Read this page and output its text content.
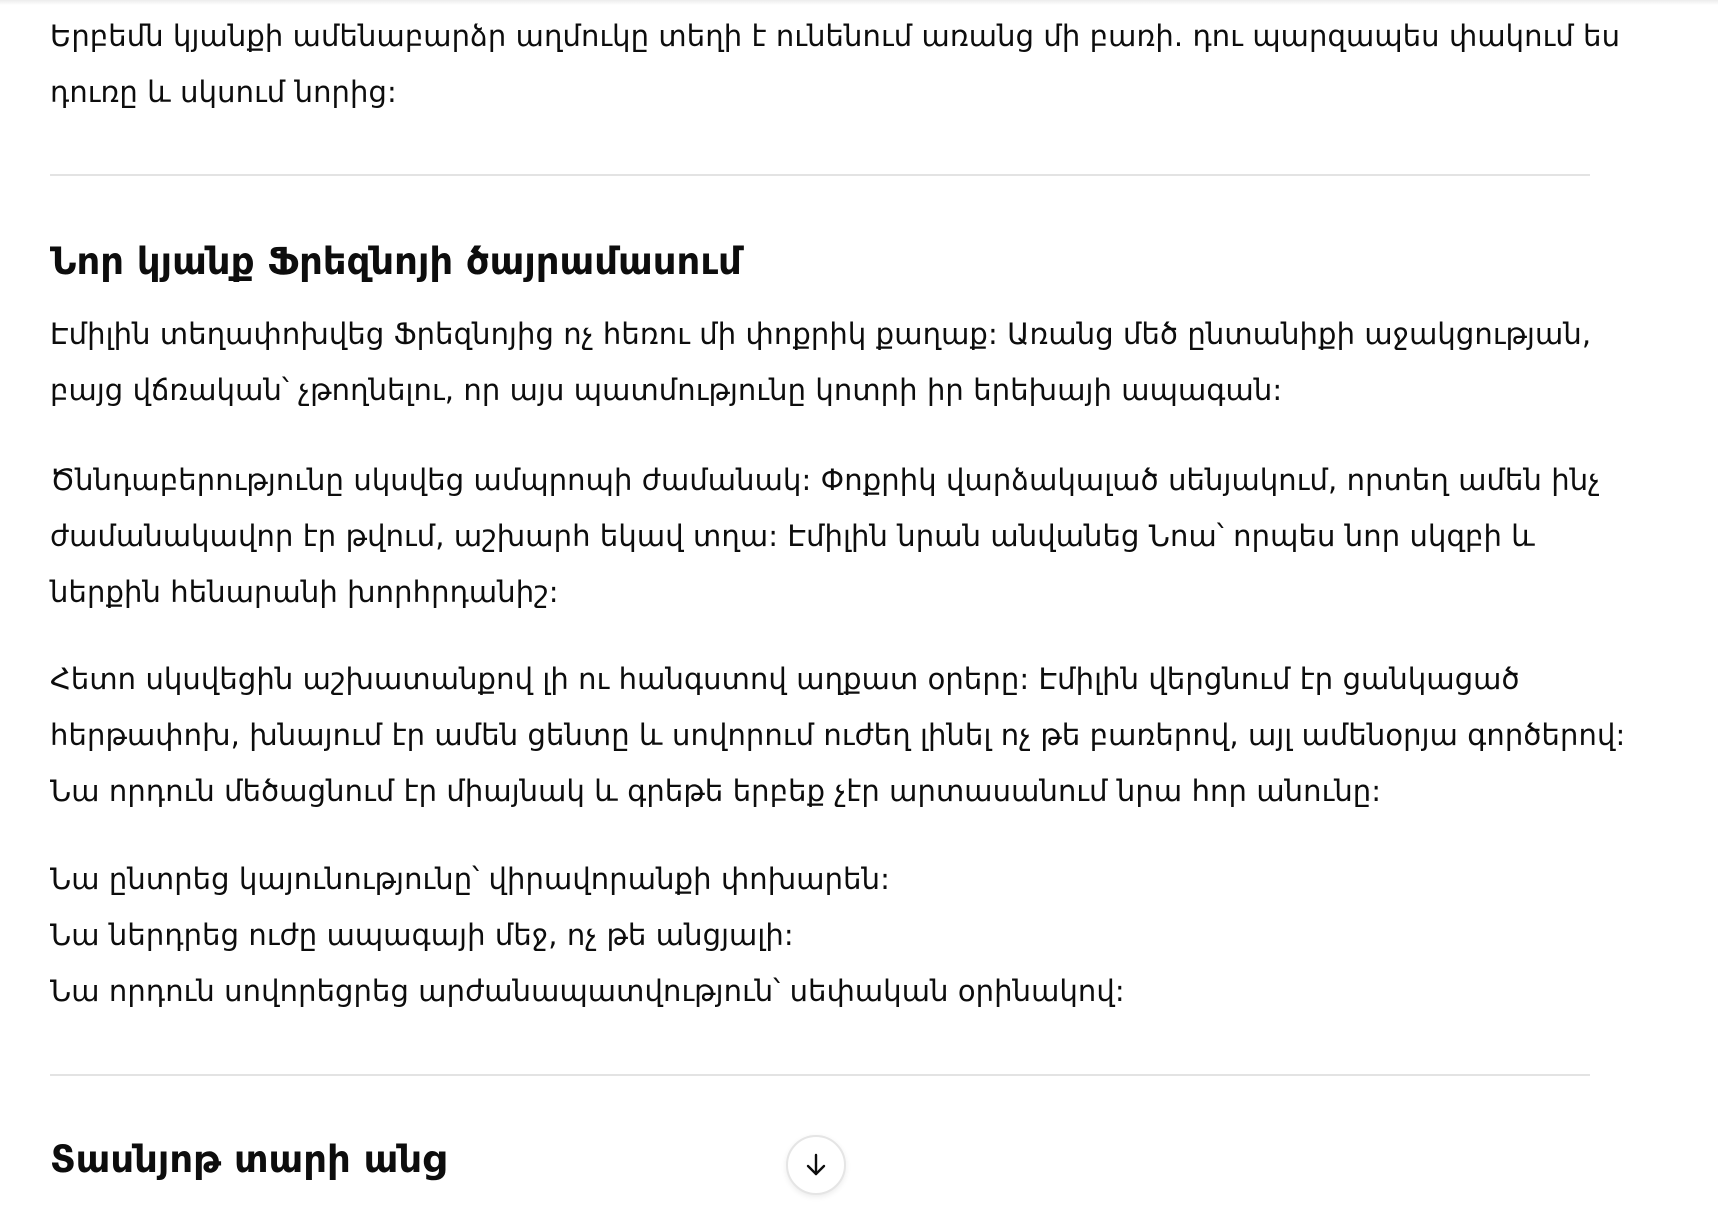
Երբեմն կյանքի ամենաբարձր աղմուկը տեղի է ունենում առանց մի բառի. դու պարզապես փակում ես

դուռը և սկսում նորից:

Նոր կյանք Ֆրեզնոյի ծայրամասում

Էմիլին տեղափոխվեց Ֆրեզնոյից ոչ հեռու մի փոքրիկ քաղաք: Առանց մեծ ընտանիքի աջակցության,

բայց վճռական՝ չթողնելու, որ այս պատմությունը կոտրի իր երեխայի ապագան:

Ծննդաբերությունը սկսվեց ամպրոպի ժամանակ: Փոքրիկ վարձակալած սենյակում, որտեղ ամեն ինչ

ժամանակավոր էր թվում, աշխարհ եկավ տղա: Էմիլին նրան անվանեց Նոա՝ որպես նոր սկզբի և

ներքին հենարանի խորհրդանիշ:

Հետո սկսվեցին աշխատանքով լի ու հանգստով աղքատ օրերը: Էմիլին վերցնում էր ցանկացած

հերթափոխ, խնայում էր ամեն ցենտը և սովորում ուժեղ լինել ոչ թե բառերով, այլ ամենօրյա գործերով:

Նա որդուն մեծացնում էր միայնակ և գրեթե երբեք չէր արտասանում նրա հոր անունը:

Նա ընտրեց կայունությունը՝ վիրավորանքի փոխարեն:

Նա ներդրեց ուժը ապագայի մեջ, ոչ թե անցյալի:

Նա որդուն սովորեցրեց արժանապատվություն՝ սեփական օրինակով:

Տասնյոթ տարի անց
